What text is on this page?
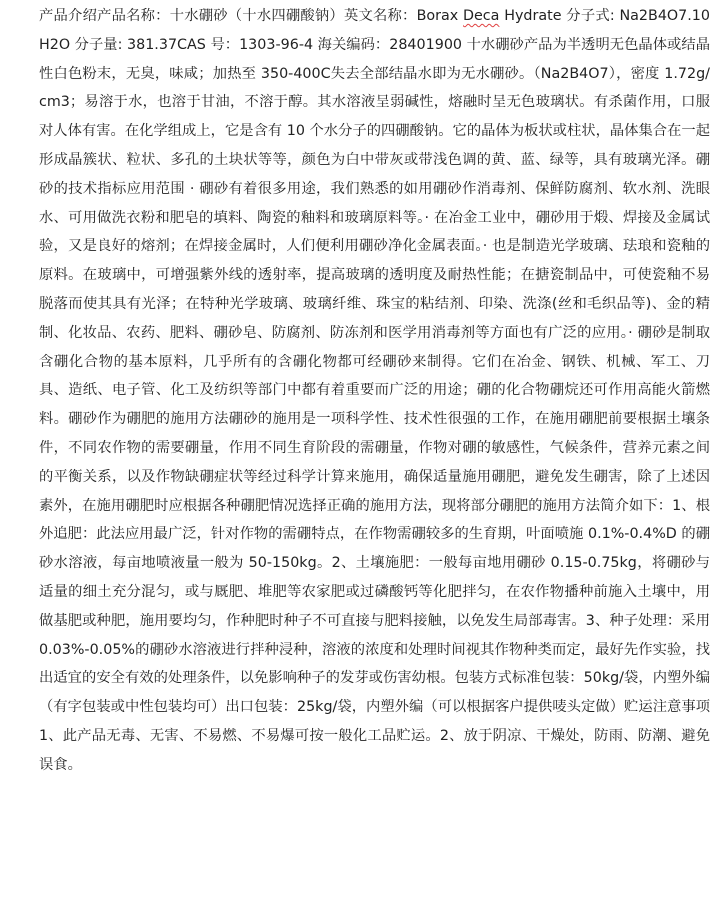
产品介绍产品名称：十水硼砂（十水四硼酸钠）英文名称：Borax Deca Hydrate 分子式: Na2B4O7.10H2O 分子量: 381.37CAS 号：1303-96-4 海关编码：28401900 十水硼砂产品为半透明无色晶体或结晶性白色粉末，无臭，味咸；加热至 350-400C失去全部结晶水即为无水硼砂。（Na2B4O7），密度 1.72g/cm3；易溶于水，也溶于甘油，不溶于醇。其水溶液呈弱碱性，熔融时呈无色玻璃状。有杀菌作用，口服对人体有害。在化学组成上，它是含有 10 个水分子的四硼酸钠。它的晶体为板状或柱状，晶体集合在一起形成晶簇状、粒状、多孔的土块状等等，颜色为白中带灰或带浅色调的黄、蓝、绿等，具有玻璃光泽。硼砂的技术指标应用范围 · 硼砂有着很多用途，我们熟悉的如用硼砂作消毒剂、保鲜防腐剂、软水剂、洗眼水、可用做洗衣粉和肥皂的填料、陶瓷的釉料和玻璃原料等。· 在冶金工业中，硼砂用于煅、焊接及金属试验，又是良好的熔剂；在焊接金属时，人们便利用硼砂净化金属表面。· 也是制造光学玻璃、珐琅和瓷釉的原料。在玻璃中，可增强紫外线的透射率，提高玻璃的透明度及耐热性能；在搪瓷制品中，可使瓷釉不易脱落而使其具有光泽；在特种光学玻璃、玻璃纤维、珠宝的粘结剂、印染、洗涤(丝和毛织品等)、金的精制、化妆品、农药、肥料、硼砂皂、防腐剂、防冻剂和医学用消毒剂等方面也有广泛的应用。· 硼砂是制取含硼化合物的基本原料，几乎所有的含硼化物都可经硼砂来制得。它们在冶金、钢铁、机械、军工、刀具、造纸、电子管、化工及纺织等部门中都有着重要而广泛的用途；硼的化合物硼烷还可作用高能火箭燃料。硼砂作为硼肥的施用方法硼砂的施用是一项科学性、技术性很强的工作，在施用硼肥前要根据土壤条件，不同农作物的需要硼量，作用不同生育阶段的需硼量，作物对硼的敏感性，气候条件，营养元素之间的平衡关系，以及作物缺硼症状等经过科学计算来施用，确保适量施用硼肥，避免发生硼害，除了上述因素外，在施用硼肥时应根据各种硼肥情况选择正确的施用方法，现将部分硼肥的施用方法简介如下：1、根外追肥：此法应用最广泛，针对作物的需硼特点，在作物需硼较多的生育期，叶面喷施 0.1%-0.4%D 的硼砂水溶液，每亩地喷液量一般为 50-150kg。2、土壤施肥：一般每亩地用硼砂 0.15-0.75kg，将硼砂与适量的细土充分混匀，或与厩肥、堆肥等农家肥或过磷酸钙等化肥拌匀，在农作物播种前施入土壤中，用做基肥或种肥，施用要均匀，作种肥时种子不可直接与肥料接触，以免发生局部毒害。3、种子处理：采用 0.03%-0.05%的硼砂水溶液进行拌种浸种，溶液的浓度和处理时间视其作物种类而定，最好先作实验，找出适宜的安全有效的处理条件，以免影响种子的发芽或伤害幼根。包装方式标准包装：50kg/袋，内塑外编（有字包装或中性包装均可）出口包装：25kg/袋，内塑外编（可以根据客户提供唛头定做）贮运注意事项 1、此产品无毒、无害、不易燃、不易爆可按一般化工品贮运。2、放于阴凉、干燥处，防雨、防潮、避免误食。
